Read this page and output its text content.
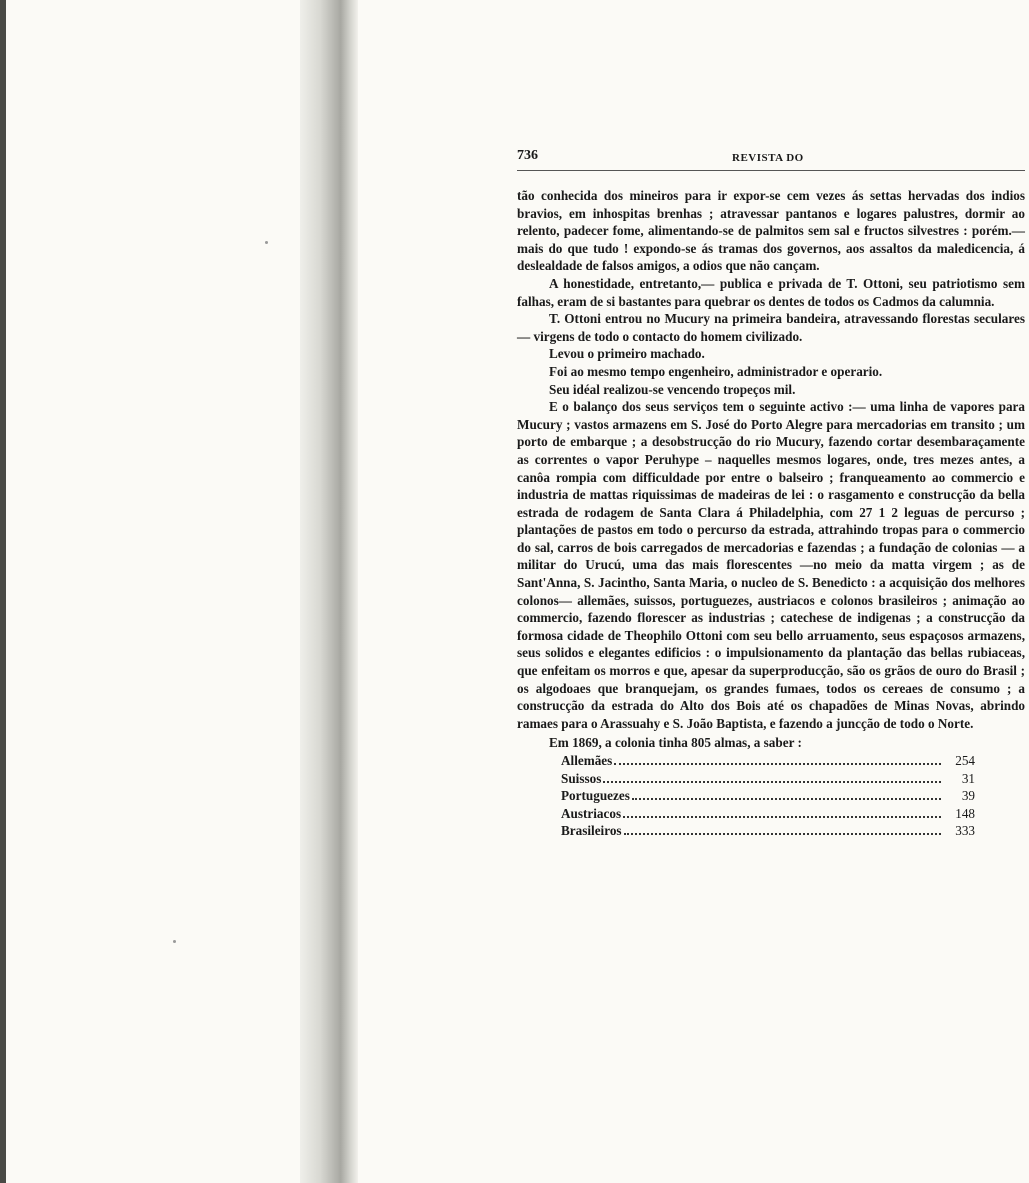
736	REVISTA DO

tão conhecida dos mineiros para ir expor-se cem vezes ás settas hervadas dos indios bravios, em inhospitas brenhas ; atravessar pantanos e logares palustres, dormir ao relento, padecer fome, alimentando-se de palmitos sem sal e fructos silvestres : porém.— mais do que tudo ! expondo-se ás tramas dos governos, aos assaltos da maledicencia, á deslealdade de falsos amigos, a odios que não cançam.

A honestidade, entretanto,— publica e privada de T. Ottoni, seu patriotismo sem falhas, eram de si bastantes para quebrar os dentes de todos os Cadmos da calumnia.

T. Ottoni entrou no Mucury na primeira bandeira, atravessando florestas seculares — virgens de todo o contacto do homem civilizado.

Levou o primeiro machado.

Foi ao mesmo tempo engenheiro, administrador e operario.

Seu idéal realizou-se vencendo tropeços mil.

E o balanço dos seus serviços tem o seguinte activo :— uma linha de vapores para Mucury ; vastos armazens em S. José do Porto Alegre para mercadorias em transito ; um porto de embarque ; a desobstrucção do rio Mucury, fazendo cortar desembaraçamente as correntes o vapor Peruhype – naquelles mesmos logares, onde, tres mezes antes, a canôa rompia com difficuldade por entre o balseiro ; franqueamento ao commercio e industria de mattas riquissimas de madeiras de lei : o rasgamento e construcção da bella estrada de rodagem de Santa Clara á Philadelphia, com 27 1 2 leguas de percurso ; plantações de pastos em todo o percurso da estrada, attrahindo tropas para o commercio do sal, carros de bois carregados de mercadorias e fazendas ; a fundação de colonias — a militar do Urucú, uma das mais florescentes —no meio da matta virgem ; as de Sant'Anna, S. Jacintho, Santa Maria, o nucleo de S. Benedicto : a acquisição dos melhores colonos— allemães, suissos, portuguezes, austriacos e colonos brasileiros ; animação ao commercio, fazendo florescer as industrias ; catechese de indigenas ; a construcção da formosa cidade de Theophilo Ottoni com seu bello arruamento, seus espaçosos armazens, seus solidos e elegantes edificios : o impulsionamento da plantação das bellas rubiaceas, que enfeitam os morros e que, apesar da superproducção, são os grãos de ouro do Brasil ; os algodoaes que branquejam, os grandes fumaes, todos os cereaes de consumo ; a construcção da estrada do Alto dos Bois até os chapadões de Minas Novas, abrindo ramaes para o Arassuahy e S. João Baptista, e fazendo a juncção de todo o Norte.

Em 1869, a colonia tinha 805 almas, a saber :

Allemães	254
Suissos	31
Portuguezes	39
Austriacos	148
Brasileiros	333
